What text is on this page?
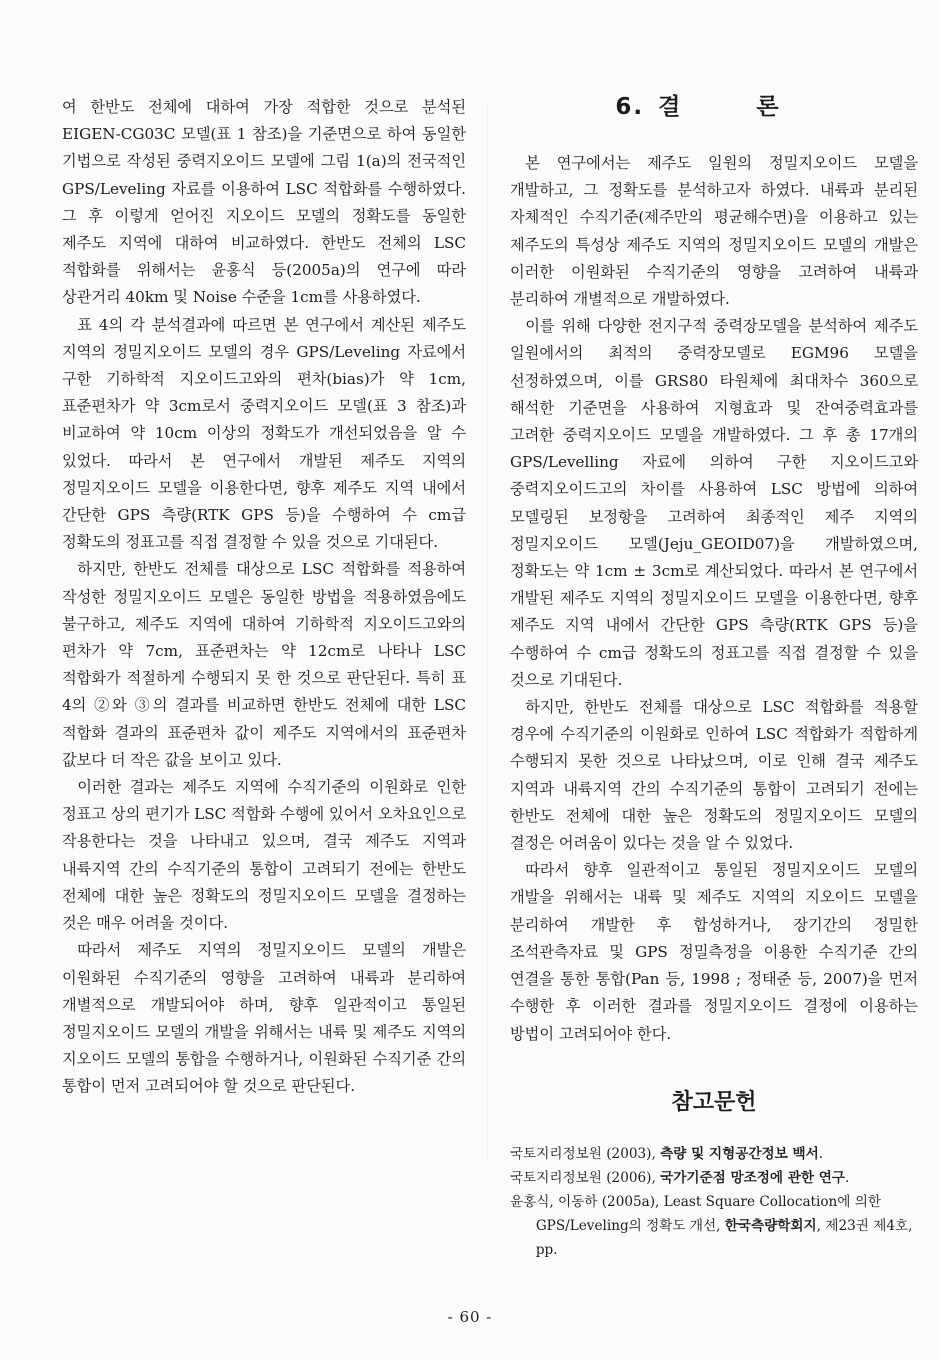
여 한반도 전체에 대하여 가장 적합한 것으로 분석된 EIGEN-CG03C 모델(표 1 참조)을 기준면으로 하여 동일한 기법으로 작성된 중력지오이드 모델에 그림 1(a)의 전국적인 GPS/Leveling 자료를 이용하여 LSC 적합화를 수행하였다. 그 후 이렇게 얻어진 지오이드 모델의 정확도를 동일한 제주도 지역에 대하여 비교하였다. 한반도 전체의 LSC 적합화를 위해서는 윤홍식 등(2005a)의 연구에 따라 상관거리 40km 및 Noise 수준을 1cm를 사용하였다.

표 4의 각 분석결과에 따르면 본 연구에서 계산된 제주도 지역의 정밀지오이드 모델의 경우 GPS/Leveling 자료에서 구한 기하학적 지오이드고와의 편차(bias)가 약 1cm, 표준편차가 약 3cm로서 중력지오이드 모델(표 3 참조)과 비교하여 약 10cm 이상의 정확도가 개선되었음을 알 수 있었다. 따라서 본 연구에서 개발된 제주도 지역의 정밀지오이드 모델을 이용한다면, 향후 제주도 지역 내에서 간단한 GPS 측량(RTK GPS 등)을 수행하여 수 cm급 정확도의 정표고를 직접 결정할 수 있을 것으로 기대된다.

하지만, 한반도 전체를 대상으로 LSC 적합화를 적용하여 작성한 정밀지오이드 모델은 동일한 방법을 적용하였음에도 불구하고, 제주도 지역에 대하여 기하학적 지오이드고와의 편차가 약 7cm, 표준편차는 약 12cm로 나타나 LSC 적합화가 적절하게 수행되지 못 한 것으로 판단된다. 특히 표 4의 ②와 ③의 결과를 비교하면 한반도 전체에 대한 LSC 적합화 결과의 표준편차 값이 제주도 지역에서의 표준편차 값보다 더 작은 값을 보이고 있다.

이러한 결과는 제주도 지역에 수직기준의 이원화로 인한 정표고 상의 편기가 LSC 적합화 수행에 있어서 오차요인으로 작용한다는 것을 나타내고 있으며, 결국 제주도 지역과 내륙지역 간의 수직기준의 통합이 고려되기 전에는 한반도 전체에 대한 높은 정확도의 정밀지오이드 모델을 결정하는 것은 매우 어려울 것이다.

따라서 제주도 지역의 정밀지오이드 모델의 개발은 이원화된 수직기준의 영향을 고려하여 내륙과 분리하여 개별적으로 개발되어야 하며, 향후 일관적이고 통일된 정밀지오이드 모델의 개발을 위해서는 내륙 및 제주도 지역의 지오이드 모델의 통합을 수행하거나, 이원화된 수직기준 간의 통합이 먼저 고려되어야 할 것으로 판단된다.

6. 결 론

본 연구에서는 제주도 일원의 정밀지오이드 모델을 개발하고, 그 정확도를 분석하고자 하였다. 내륙과 분리된 자체적인 수직기준(제주만의 평균해수면)을 이용하고 있는 제주도의 특성상 제주도 지역의 정밀지오이드 모델의 개발은 이러한 이원화된 수직기준의 영향을 고려하여 내륙과 분리하여 개별적으로 개발하였다.

이를 위해 다양한 전지구적 중력장모델을 분석하여 제주도 일원에서의 최적의 중력장모델로 EGM96 모델을 선정하였으며, 이를 GRS80 타원체에 최대차수 360으로 해석한 기준면을 사용하여 지형효과 및 잔여중력효과를 고려한 중력지오이드 모델을 개발하였다. 그 후 총 17개의 GPS/Levelling 자료에 의하여 구한 지오이드고와 중력지오이드고의 차이를 사용하여 LSC 방법에 의하여 모델링된 보정항을 고려하여 최종적인 제주 지역의 정밀지오이드 모델(Jeju_GEOID07)을 개발하였으며, 정확도는 약 1cm ± 3cm로 계산되었다. 따라서 본 연구에서 개발된 제주도 지역의 정밀지오이드 모델을 이용한다면, 향후 제주도 지역 내에서 간단한 GPS 측량(RTK GPS 등)을 수행하여 수 cm급 정확도의 정표고를 직접 결정할 수 있을 것으로 기대된다.

하지만, 한반도 전체를 대상으로 LSC 적합화를 적용할 경우에 수직기준의 이원화로 인하여 LSC 적합화가 적합하게 수행되지 못한 것으로 나타났으며, 이로 인해 결국 제주도 지역과 내륙지역 간의 수직기준의 통합이 고려되기 전에는 한반도 전체에 대한 높은 정확도의 정밀지오이드 모델의 결정은 어려움이 있다는 것을 알 수 있었다.

따라서 향후 일관적이고 통일된 정밀지오이드 모델의 개발을 위해서는 내륙 및 제주도 지역의 지오이드 모델을 분리하여 개발한 후 합성하거나, 장기간의 정밀한 조석관측자료 및 GPS 정밀측정을 이용한 수직기준 간의 연결을 통한 통합(Pan 등, 1998 ; 정태준 등, 2007)을 먼저 수행한 후 이러한 결과를 정밀지오이드 결정에 이용하는 방법이 고려되어야 한다.

참고문헌
국토지리정보원 (2003), 측량 및 지형공간정보 백서.
국토지리정보원 (2006), 국가기준점 망조정에 관한 연구.
윤홍식, 이동하 (2005a), Least Square Collocation에 의한 GPS/Leveling의 정확도 개선, 한국측량학회지, 제23권 제4호, pp.
- 60 -
